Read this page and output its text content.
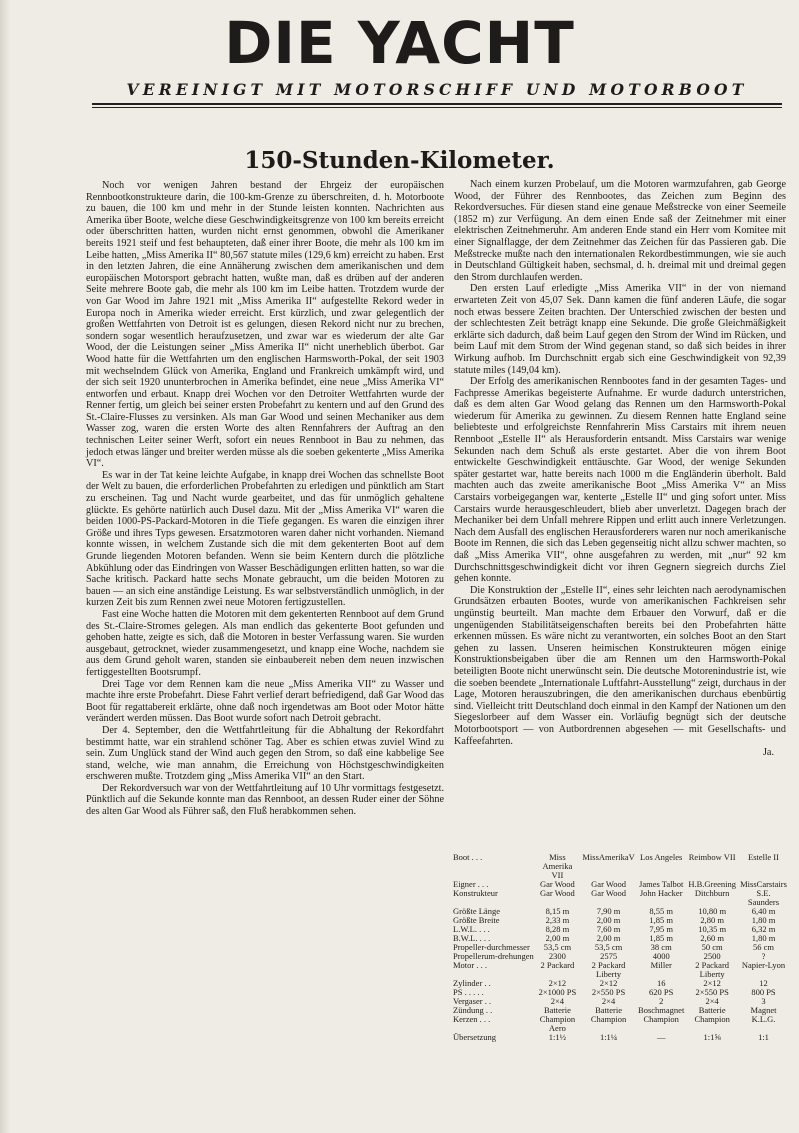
DIE YACHT
VEREINIGT MIT MOTORSCHIFF UND MOTORBOOT
150-Stunden-Kilometer.

Noch vor wenigen Jahren bestand der Ehrgeiz der europäischen Rennbootkonstrukteure darin, die 100-km-Grenze zu überschreiten, d. h. Motorboote zu bauen, die 100 km und mehr in der Stunde leisten konnten. Nachrichten aus Amerika über Boote, welche diese Geschwindigkeitsgrenze von 100 km bereits erreicht oder überschritten hatten, wurden nicht ernst genommen, obwohl die Amerikaner bereits 1921 steif und fest behaupteten, daß einer ihrer Boote, die mehr als 100 km im Leibe hatten, „Miss Amerika II“ 80,567 statute miles (129,6 km) erreicht zu haben. Erst in den letzten Jahren, die eine Annäherung zwischen dem amerikanischen und dem europäischen Motorsport gebracht hatten, wußte man, daß es drüben auf der anderen Seite mehrere Boote gab, die mehr als 100 km im Leibe hatten. Trotzdem wurde der von Gar Wood im Jahre 1921 mit „Miss Amerika II“ aufgestellte Rekord weder in Europa noch in Amerika wieder erreicht. Erst kürzlich, und zwar gelegentlich der großen Wettfahrten von Detroit ist es gelungen, diesen Rekord nicht nur zu brechen, sondern sogar wesentlich heraufzusetzen, und zwar war es wiederum der alte Gar Wood, der die Leistungen seiner „Miss Amerika II“ nicht unerheblich überbot. Gar Wood hatte für die Wettfahrten um den englischen Harmsworth-Pokal, der seit 1903 mit wechselndem Glück von Amerika, England und Frankreich umkämpft wird, und der sich seit 1920 ununterbrochen in Amerika befindet, eine neue „Miss Amerika VI“ entworfen und erbaut. Knapp drei Wochen vor den Detroiter Wettfahrten wurde der Renner fertig, um gleich bei seiner ersten Probefahrt zu kentern und auf den Grund des St.-Claire-Flusses zu versinken. Als man Gar Wood und seinen Mechaniker aus dem Wasser zog, waren die ersten Worte des alten Rennfahrers der Auftrag an den technischen Leiter seiner Werft, sofort ein neues Rennboot in Bau zu nehmen, das jedoch etwas länger und breiter werden müsse als die soeben gekenterte „Miss Amerika VI“.

Es war in der Tat keine leichte Aufgabe, in knapp drei Wochen das schnellste Boot der Welt zu bauen, die erforderlichen Probefahrten zu erledigen und pünktlich am Start zu erscheinen. Tag und Nacht wurde gearbeitet, und das für unmöglich gehaltene glückte. Es gehörte natürlich auch Dusel dazu. Mit der „Miss Amerika VI“ waren die beiden 1000-PS-Packard-Motoren in die Tiefe gegangen. Es waren die einzigen ihrer Größe und ihres Typs gewesen. Ersatzmotoren waren daher nicht vorhanden. Niemand konnte wissen, in welchem Zustande sich die mit dem gekenterten Boot auf dem Grunde liegenden Motoren befanden. Wenn sie beim Kentern durch die plötzliche Abkühlung oder das Eindringen von Wasser Beschädigungen erlitten hatten, so war die Sache kritisch. Packard hatte sechs Monate gebraucht, um die beiden Motoren zu bauen — an sich eine anständige Leistung. Es war selbstverständlich unmöglich, in der kurzen Zeit bis zum Rennen zwei neue Motoren fertigzustellen.

Fast eine Woche hatten die Motoren mit dem gekenterten Rennboot auf dem Grund des St.-Claire-Stromes gelegen. Als man endlich das gekenterte Boot gefunden und gehoben hatte, zeigte es sich, daß die Motoren in bester Verfassung waren. Sie wurden ausgebaut, getrocknet, wieder zusammengesetzt, und knapp eine Woche, nachdem sie aus dem Grund geholt waren, standen sie einbaubereit neben dem neuen inzwischen fertiggestellten Bootsrumpf.

Drei Tage vor dem Rennen kam die neue „Miss Amerika VII“ zu Wasser und machte ihre erste Probefahrt. Diese Fahrt verlief derart befriedigend, daß Gar Wood das Boot für regattabereit erklärte, ohne daß noch irgendetwas am Boot oder Motor hätte verändert werden müssen. Das Boot wurde sofort nach Detroit gebracht.

Der 4. September, den die Wettfahrtleitung für die Abhaltung der Rekordfahrt bestimmt hatte, war ein strahlend schöner Tag. Aber es schien etwas zuviel Wind zu sein. Zum Unglück stand der Wind auch gegen den Strom, so daß eine kabbelige See stand, welche, wie man annahm, die Erreichung von Höchstgeschwindigkeiten erschweren mußte. Trotzdem ging „Miss Amerika VII“ an den Start.

Der Rekordversuch war von der Wettfahrtleitung auf 10 Uhr vormittags festgesetzt. Pünktlich auf die Sekunde konnte man das Rennboot, an dessen Ruder einer der Söhne des alten Gar Wood als Führer saß, den Fluß herabkommen sehen.

Nach einem kurzen Probelauf, um die Motoren warmzufahren, gab George Wood, der Führer des Rennbootes, das Zeichen zum Beginn des Rekordversuches. Für diesen stand eine genaue Meßstrecke von einer Seemeile (1852 m) zur Verfügung. An dem einen Ende saß der Zeitnehmer mit einer elektrischen Zeitnehmeruhr. Am anderen Ende stand ein Herr vom Komitee mit einer Signalflagge, der dem Zeitnehmer das Zeichen für das Passieren gab. Die Meßstrecke mußte nach den internationalen Rekordbestimmungen, wie sie auch in Deutschland Gültigkeit haben, sechsmal, d. h. dreimal mit und dreimal gegen den Strom durchlaufen werden.

Den ersten Lauf erledigte „Miss Amerika VII“ in der von niemand erwarteten Zeit von 45,07 Sek. Dann kamen die fünf anderen Läufe, die sogar noch etwas bessere Zeiten brachten. Der Unterschied zwischen der besten und der schlechtesten Zeit beträgt knapp eine Sekunde. Die große Gleichmäßigkeit erklärte sich dadurch, daß beim Lauf gegen den Strom der Wind im Rücken, und beim Lauf mit dem Strom der Wind gegenan stand, so daß sich beides in ihrer Wirkung aufhob. Im Durchschnitt ergab sich eine Geschwindigkeit von 92,39 statute miles (149,04 km).

Der Erfolg des amerikanischen Rennbootes fand in der gesamten Tages- und Fachpresse Amerikas begeisterte Aufnahme. Er wurde dadurch unterstrichen, daß es dem alten Gar Wood gelang das Rennen um den Harmsworth-Pokal wiederum für Amerika zu gewinnen. Zu diesem Rennen hatte England seine beliebteste und erfolgreichste Rennfahrerin Miss Carstairs mit ihrem neuen Rennboot „Estelle II“ als Herausforderin entsandt. Miss Carstairs war wenige Sekunden nach dem Schuß als erste gestartet. Aber die von ihrem Boot entwickelte Geschwindigkeit enttäuschte. Gar Wood, der wenige Sekunden später gestartet war, hatte bereits nach 1000 m die Engländerin überholt. Bald machten auch das zweite amerikanische Boot „Miss Amerika V“ an Miss Carstairs vorbeigegangen war, kenterte „Estelle II“ und ging sofort unter. Miss Carstairs wurde herausgeschleudert, blieb aber unverletzt. Dagegen brach der Mechaniker bei dem Unfall mehrere Rippen und erlitt auch innere Verletzungen. Nach dem Ausfall des englischen Herausforderers waren nur noch amerikanische Boote im Rennen, die sich das Leben gegenseitig nicht allzu schwer machten, so daß „Miss Amerika VII“, ohne ausgefahren zu werden, mit „nur“ 92 km Durchschnittsgeschwindigkeit dicht vor ihren Gegnern siegreich durchs Ziel gehen konnte.

Die Konstruktion der „Estelle II“, eines sehr leichten nach aerodynamischen Grundsätzen erbauten Bootes, wurde von amerikanischen Fachkreisen sehr ungünstig beurteilt. Man machte dem Erbauer den Vorwurf, daß er die ungenügenden Stabilitätseigenschaften bereits bei den Probefahrten hätte erkennen müssen. Es wäre nicht zu verantworten, ein solches Boot an den Start gehen zu lassen. Unseren heimischen Konstrukteuren mögen einige Konstruktionsbeigaben über die am Rennen um den Harmsworth-Pokal beteiligten Boote nicht unerwünscht sein. Die deutsche Motorenindustrie ist, wie die soeben beendete „Internationale Luftfahrt-Ausstellung“ zeigt, durchaus in der Lage, Motoren herauszubringen, die den amerikanischen durchaus ebenbürtig sind. Vielleicht tritt Deutschland doch einmal in den Kampf der Nationen um den Siegeslorbeer auf dem Wasser ein. Vorläufig begnügt sich der deutsche Motorbootsport — von Autbordrennen abgesehen — mit Gesellschafts- und Kaffeefahrten.

Ja.

Boot . . .	Miss Amerika VII	MissAmerikaV	Los Angeles	Reimbow VII	Estelle II
Eigner . . .	Gar Wood	Gar Wood	James Talbot	H.B.Greening	MissCarstairs
Konstrukteur	Gar Wood	Gar Wood	John Hacker	Ditchburn	S.E. Saunders
Größte Länge	8,15 m	7,90 m	8,55 m	10,80 m	6,40 m
Größte Breite	2,33 m	2,00 m	1,85 m	2,80 m	1,80 m
L.W.L. . . .	8,28 m	7,60 m	7,95 m	10,35 m	6,32 m
B.W.L. . . .	2,00 m	2,00 m	1,85 m	2,60 m	1,80 m
Propeller-durchmesser	53,5 cm	53,5 cm	38 cm	50 cm	56 cm
Propellerum-drehungen	2300	2575	4000	2500	?
Motor . . .	2 Packard	2 Packard Liberty	Miller	2 Packard Liberty	Napier-Lyon
Zylinder . .	2×12	2×12	16	2×12	12
PS . . . . .	2×1000 PS	2×550 PS	620 PS	2×550 PS	800 PS
Vergaser . .	2×4	2×4	2	2×4	3
Zündung . .	Batterie	Batterie	Boschmagnet	Batterie	Magnet
Kerzen . . .	Champion Aero	Champion	Champion	Champion	K.L.G.
Übersetzung	1:1½	1:1¼	—	1:1⅝	1:1
